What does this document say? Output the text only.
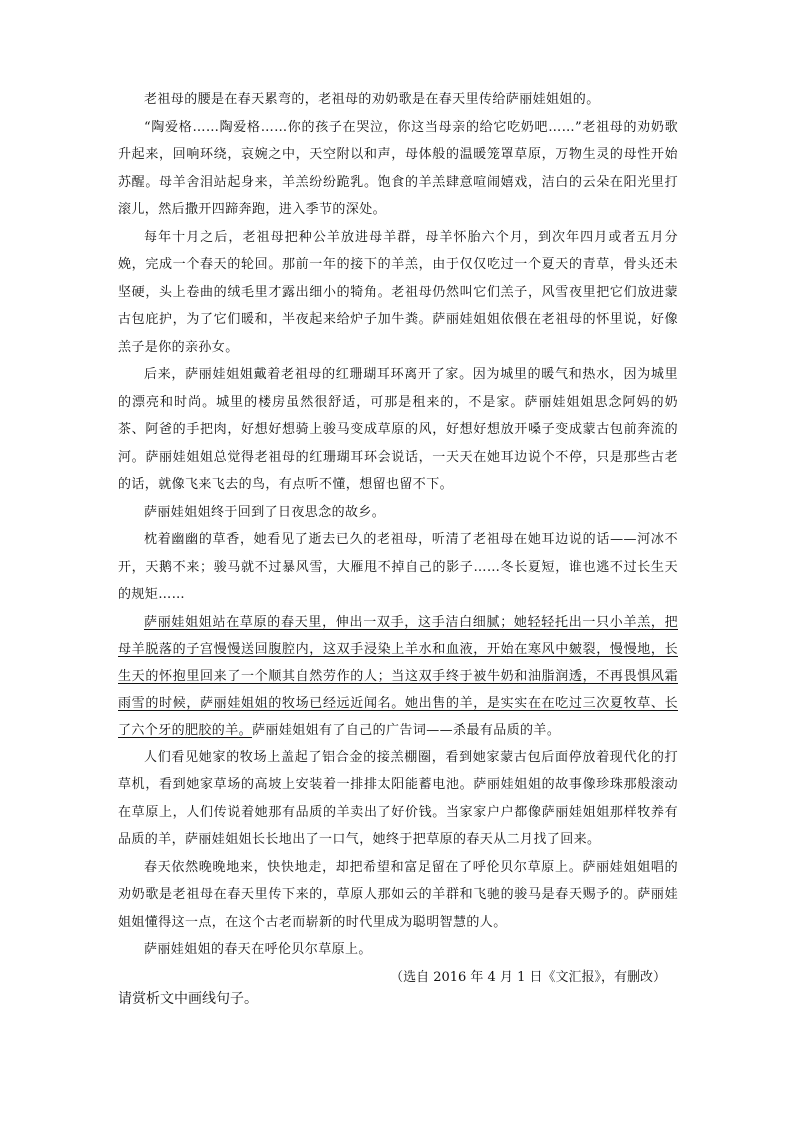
老祖母的腰是在春天累弯的，老祖母的劝奶歌是在春天里传给萨丽娃姐姐的。

“陶爱格……陶爱格……你的孩子在哭泣，你这当母亲的给它吃奶吧……”老祖母的劝奶歌升起来，回响环绕，哀婉之中，天空附以和声，母体般的温暖笼罩草原，万物生灵的母性开始苏醒。母羊舍泪站起身来，羊羔纷纷跪乳。饱食的羊羔肆意喧闹嬉戏，洁白的云朵在阳光里打滚儿，然后撒开四蹄奔跑，进入季节的深处。

每年十月之后，老祖母把种公羊放进母羊群，母羊怀胎六个月，到次年四月或者五月分娩，完成一个春天的轮回。那前一年的接下的羊羔，由于仅仅吃过一个夏天的青草，骨头还未坚硬，头上卷曲的绒毛里才露出细小的犄角。老祖母仍然叫它们羔子，风雪夜里把它们放进蒙古包庇护，为了它们暖和，半夜起来给炉子加牛粪。萨丽娃姐姐依偎在老祖母的怀里说，好像羔子是你的亲孙女。

后来，萨丽娃姐姐戴着老祖母的红珊瑚耳环离开了家。因为城里的暖气和热水，因为城里的漂亮和时尚。城里的楼房虽然很舒适，可那是租来的，不是家。萨丽娃姐姐思念阿妈的奶茶、阿爸的手把肉，好想好想骑上骏马变成草原的风，好想好想放开嗓子变成蒙古包前奔流的河。萨丽娃姐姐总觉得老祖母的红珊瑚耳环会说话，一天天在她耳边说个不停，只是那些古老的话，就像飞来飞去的鸟，有点听不懂，想留也留不下。

萨丽娃姐姐终于回到了日夜思念的故乡。

枕着幽幽的草香，她看见了逝去已久的老祖母，听清了老祖母在她耳边说的话——河冰不开，天鹅不来；骏马就不过暴风雪，大雁甩不掉自己的影子……冬长夏短，谁也逃不过长生天的规矩……

萨丽娃姐姐站在草原的春天里，伸出一双手，这手洁白细腻；她轻轻托出一只小羊羔，把母羊脱落的子宫慢慢送回腹腔内，这双手浸染上羊水和血液，开始在寒风中皴裂，慢慢地，长生天的怀抱里回来了一个顺其自然劳作的人；当这双手终于被牛奶和油脂润透，不再畏惧风霜雨雪的时候，萨丽娃姐姐的牧场已经远近闻名。她出售的羊，是实实在在吃过三次夏牧草、长了六个牙的肥胶的羊。萨丽娃姐姐有了自己的广告词——杀最有品质的羊。

人们看见她家的牧场上盖起了铝合金的接羔棚圈，看到她家蒙古包后面停放着现代化的打草机，看到她家草场的高坡上安装着一排排太阳能蓄电池。萨丽娃姐姐的故事像珍珠那般滚动在草原上，人们传说着她那有品质的羊卖出了好价钱。当家家户户都像萨丽娃姐姐那样牧养有品质的羊，萨丽娃姐姐长长地出了一口气，她终于把草原的春天从二月找了回来。

春天依然晚晚地来，快快地走，却把希望和富足留在了呼伦贝尔草原上。萨丽娃姐姐唱的劝奶歌是老祖母在春天里传下来的，草原人那如云的羊群和飞驰的骏马是春天赐予的。萨丽娃姐姐懂得这一点，在这个古老而崭新的时代里成为聪明智慧的人。

萨丽娃姐姐的春天在呼伦贝尔草原上。

（选自 2016 年 4 月 1 日《文汇报》，有删改）

请赏析文中画线句子。
